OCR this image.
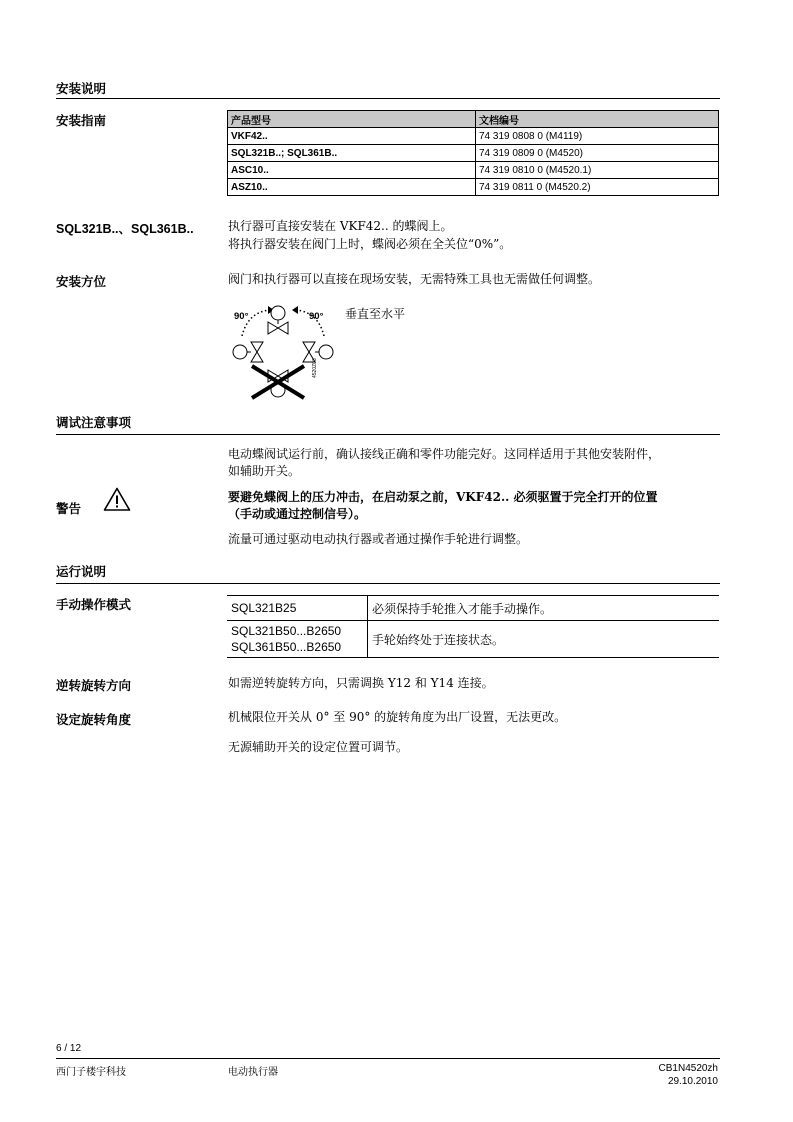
安装说明
安装指南	产品型号	文档编号
VKF42..	74 319 0808 0 (M4119)
SQL321B..; SQL361B..	74 319 0809 0 (M4520)
ASC10..	74 319 0810 0 (M4520.1)
ASZ10..	74 319 0811 0 (M4520.2)
SQL321B..、SQL361B..	执行器可直接安装在 VKF42.. 的蝶阀上。
将执行器安装在阀门上时，蝶阀必须在全关位“0%”。
安装方位	阀门和执行器可以直接在现场安装，无需特殊工具也无需做任何调整。
90°	90°
4520Z03
垂直至水平
调试注意事项
电动蝶阀试运行前，确认接线正确和零件功能完好。这同样适用于其他安装附件，
如辅助开关。
警告
要避免蝶阀上的压力冲击，在启动泵之前，VKF42.. 必须驱置于完全打开的位置
（手动或通过控制信号）。
流量可通过驱动电动执行器或者通过操作手轮进行调整。
运行说明
手动操作模式	SQL321B25	必须保持手轮推入才能手动操作。

SQL321B50...B2650
SQL361B50...B2650	手轮始终处于连接状态。
逆转旋转方向	如需逆转旋转方向，只需调换 Y12 和 Y14 连接。
设定旋转角度	机械限位开关从 0° 至 90° 的旋转角度为出厂设置，无法更改。
无源辅助开关的设定位置可调节。
6 / 12
西门子楼宇科技	电动执行器	CB1N4520zh
29.10.2010
